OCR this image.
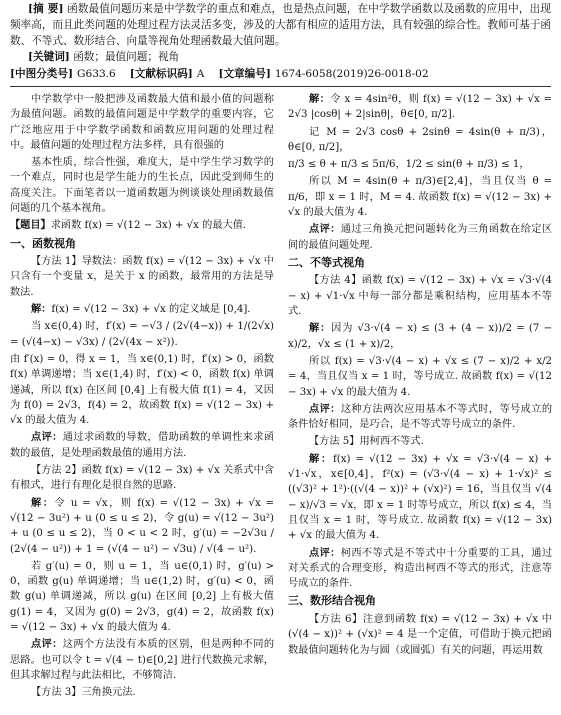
[摘 要] 函数最值问题历来是中学数学的重点和难点，也是热点问题，在中学数学函数以及函数的应用中，出现频率高，而且此类问题的处理过程方法灵活多变，涉及的大都有相应的适用方法，具有较强的综合性。教师可基于函数、不等式、数形结合、向量等视角处理函数最大值问题。

[关键词] 函数；最值问题；视角

[中图分类号] G633.6 [文献标识码] A [文章编号] 1674-6058(2019)26-0018-02

中学数学中一般把涉及函数最大值和最小值的问题称为最值问题。函数的最值问题是中学数学的重要内容，它广泛地应用于中学数学函数和函数应用问题的处理过程中。最值问题的处理过程方法多样，具有很强的

基本性质，综合性强，难度大，是中学生学习数学的一个难点，同时也是学生能力的生长点，因此受到师生的高度关注。下面笔者以一道函数题为例谈谈处理函数最值问题的几个基本视角。

【题目】求函数 f(x) = √(12 − 3x) + √x 的最大值.

一、函数视角

【方法 1】导数法：函数 f(x) = √(12 − 3x) + √x 中只含有一个变量 x，是关于 x 的函数，最常用的方法是导数法.

解：f(x) = √(12 − 3x) + √x 的定义域是 [0,4].

当 x∈(0,4) 时，f′(x) = −√3 / (2√(4−x)) + 1/(2√x) = (√(4−x) − √3x) / (2√(4x − x²)).

由 f′(x) = 0，得 x = 1，当 x∈(0,1) 时，f′(x) > 0，函数 f(x) 单调递增；当 x∈(1,4) 时，f′(x) < 0，函数 f(x) 单调递减，所以 f(x) 在区间 [0,4] 上有极大值 f(1) = 4，又因为 f(0) = 2√3，f(4) = 2，故函数 f(x) = √(12 − 3x) + √x 的最大值为 4.

点评：通过求函数的导数，借助函数的单调性来求函数的最值，是处理函数最值的通用方法.

【方法 2】函数 f(x) = √(12 − 3x) + √x 关系式中含有根式，进行有理化是很自然的思路.

解：令 u = √x，则 f(x) = √(12 − 3x) + √x = √(12 − 3u²) + u (0 ≤ u ≤ 2)，令 g(u) = √(12 − 3u²) + u (0 ≤ u ≤ 2)，当 0 < u < 2 时，g′(u) = −2√3u / (2√(4 − u²)) + 1 = (√(4 − u²) − √3u) / √(4 − u²).

若 g′(u) = 0，则 u = 1，当 u∈(0,1) 时，g′(u) > 0，函数 g(u) 单调递增；当 u∈(1,2) 时，g′(u) < 0，函数 g(u) 单调递减，所以 g(u) 在区间 [0,2] 上有极大值 g(1) = 4，又因为 g(0) = 2√3，g(4) = 2，故函数 f(x) = √(12 − 3x) + √x 的最大值为 4.

点评：这两个方法没有本质的区别，但是两种不同的思路。也可以令 t = √(4 − t)∈[0,2] 进行代数换元求解，但其求解过程与此法相比，不够简洁.

【方法 3】三角换元法.

解：令 x = 4sin²θ，则 f(x) = √(12 − 3x) + √x = 2√3 |cosθ| + 2|sinθ|，θ∈[0, π/2].

记 M = 2√3 cosθ + 2sinθ = 4sin(θ + π/3)，θ∈[0, π/2]，

π/3 ≤ θ + π/3 ≤ 5π/6，1/2 ≤ sin(θ + π/3) ≤ 1，

所以 M = 4sin(θ + π/3)∈[2,4]，当且仅当 θ = π/6，即 x = 1 时，M = 4. 故函数 f(x) = √(12 − 3x) + √x 的最大值为 4.

点评：通过三角换元把问题转化为三角函数在给定区间的最值问题处理.

二、不等式视角

【方法 4】函数 f(x) = √(12 − 3x) + √x = √3·√(4 − x) + √1·√x 中每一部分都是乘积结构，应用基本不等式.

解：因为 √3·√(4 − x) ≤ (3 + (4 − x))/2 = (7 − x)/2，√x ≤ (1 + x)/2，

所以 f(x) = √3·√(4 − x) + √x ≤ (7 − x)/2 + x/2 = 4，当且仅当 x = 1 时，等号成立. 故函数 f(x) = √(12 − 3x) + √x 的最大值为 4.

点评：这种方法两次应用基本不等式时，等号成立的条件恰好相同，是巧合，是不等式等号成立的条件.

【方法 5】用柯西不等式.

解：f(x) = √(12 − 3x) + √x = √3·√(4 − x) + √1·√x，x∈[0,4]，f²(x) = (√3·√(4 − x) + 1·√x)² ≤ ((√3)² + 1²)·((√(4 − x))² + (√x)²) = 16，当且仅当 √(4 − x)/√3 = √x，即 x = 1 时等号成立，所以 f(x) ≤ 4，当且仅当 x = 1 时，等号成立. 故函数 f(x) = √(12 − 3x) + √x 的最大值为 4.

点评：柯西不等式是不等式中十分重要的工具，通过对关系式的合理变形，构造出柯西不等式的形式，注意等号成立的条件.

三、数形结合视角

【方法 6】注意到函数 f(x) = √(12 − 3x) + √x 中 (√(4 − x))² + (√x)² = 4 是一个定值，可借助于换元把函数最值问题转化为与圆（或圆弧）有关的问题，再运用数
